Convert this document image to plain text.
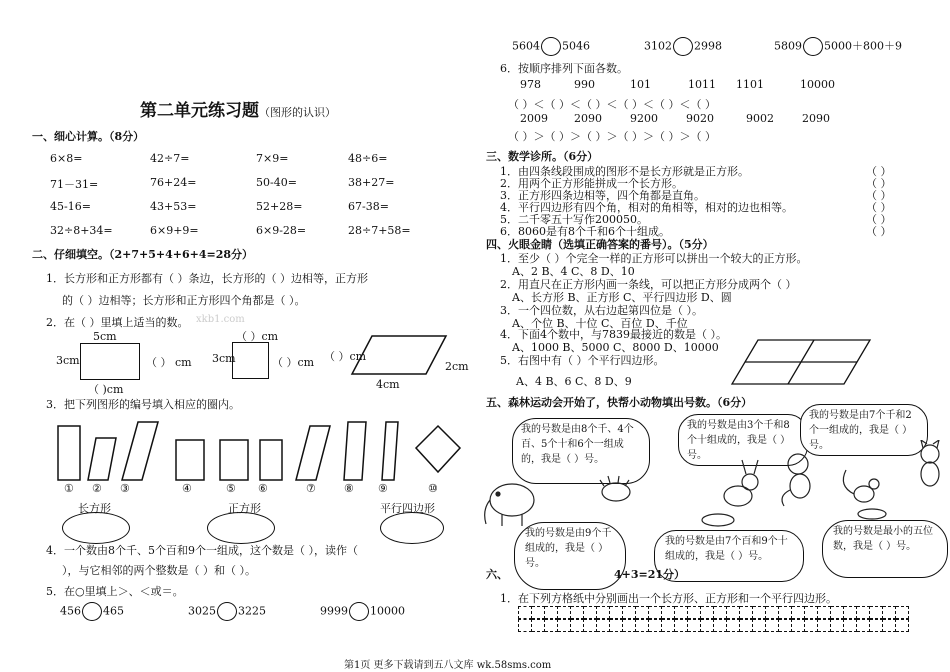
第二单元练习题（图形的认识）
一、细心计算。（8分）
6×8=	42÷7=	7×9=	48÷6=
71－31=	76+24=	50-40=	38+27=
45-16=	43+53=	52+28=	67-38=
32÷8+34=	6×9+9=	6×9-28=	28÷7+58=
二、仔细填空。（2+7+5+4+6+4=28分）
1．长方形和正方形都有（ ）条边，长方形的（ ）边相等，正方形
的（ ）边相等；长方形和正方形四个角都是（ ）。
2．在（ ）里填上适当的数。 xkb1.com
5cm
3cm	（ ） cm
（ )cm
（ ）cm
3cm	（ ）cm （ ）cm
2cm
4cm
3．把下列图形的编号填入相应的圈内。
① ② ③	④	⑤ ⑥	⑦	⑧ ⑨	⑩
长方形	正方形	平行四边形
4．一个数由8个千、5个百和9个一组成，这个数是（ ），读作（
），与它相邻的两个整数是（ ）和（ ）。
5．在○里填上＞、＜或＝。
456 465	3025 3225	9999 10000
5604 5046	3102 2998	5809 5000＋800＋9
6．按顺序排列下面各数。
978	990	101	1011 1101	10000
（ ）＜（ ）＜（ ）＜（ ）＜（ ）＜（ ）
2009 2090	9200	9020	9002	2090
（ ）＞（ ）＞（ ）＞（ ）＞（ ）＞（ ）
三、数学诊所。（6分）
1．由四条线段围成的图形不是长方形就是正方形。	（ ）
2．用两个正方形能拼成一个长方形。	（ ）
3．正方形四条边相等，四个角都是直角。	（ ）
4．平行四边形有四个角，相对的角相等，相对的边也相等。	（ ）
5．二千零五十写作200050。	（ ）
6．8060是有8个千和6个十组成。	（ ）
四、火眼金睛（选填正确答案的番号）。（5分）
1．至少（ ）个完全一样的正方形可以拼出一个较大的正方形。
A、2 B、4 C、8 D、10
2．用直尺在正方形内画一条线，可以把正方形分成两个（ ）
A、长方形 B、正方形 C、平行四边形 D、圆
3．一个四位数，从右边起第四位是（ ）。
A、个位 B、十位 C、百位 D、千位
4．下面4个数中，与7839最接近的数是（ ）。
A、1000 B、5000 C、8000 D、10000
5．右图中有（ ）个平行四边形。
A、4 B、6 C、8 D、9
五、森林运动会开始了，快帮小动物填出号数。（6分）
我的号数是由8个千、4个百、5个十和6个一组成的，我是（ ）号。
我的号数是由3个千和8个十组成的，我是（ ）号。
我的号数是由7个千和2个一组成的，我是（ ）号。
我的号数是由9个千组成的，我是（ ）号。
我的号数是由7个百和9个十组成的，我是（ ）号。
我的号数是最小的五位数，我是（ ）号。
六、	4+3=21分）
1．在下列方格纸中分别画出一个长方形、正方形和一个平行四边形。
第1页 更多下载请到五八文库 wk.58sms.com
